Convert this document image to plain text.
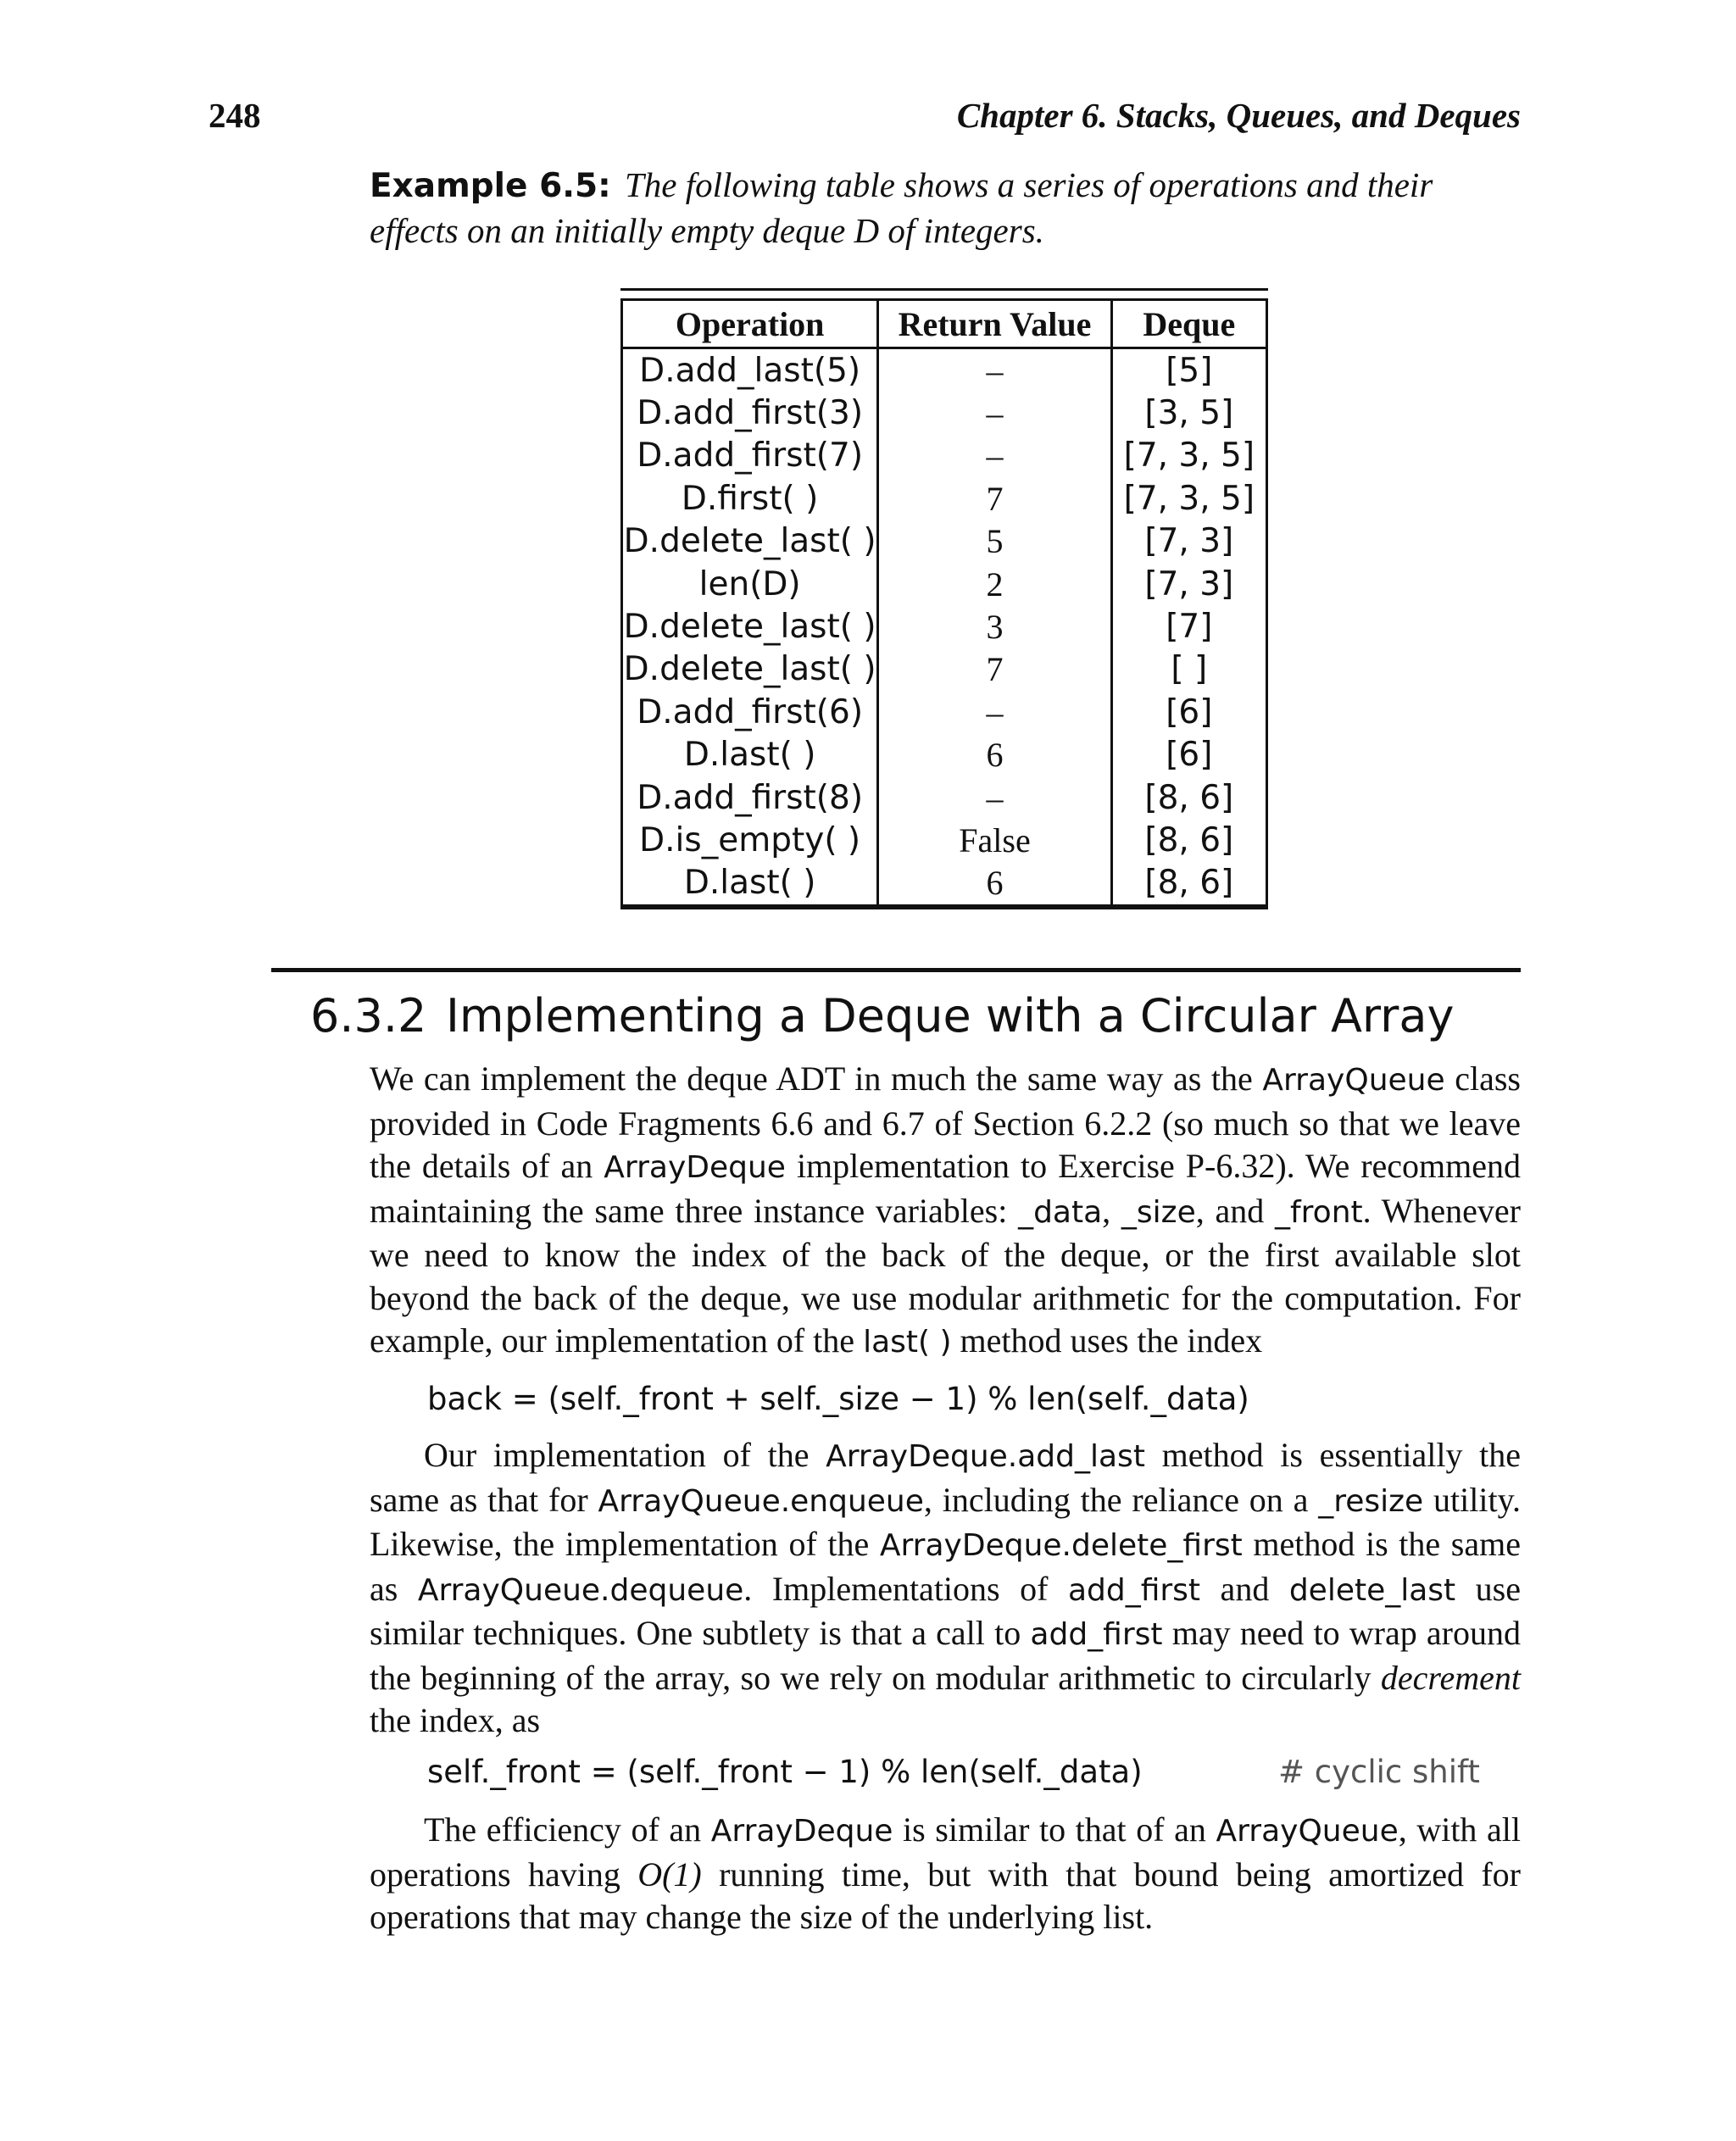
248	Chapter 6. Stacks, Queues, and Deques
Example 6.5: The following table shows a series of operations and their effects on an initially empty deque D of integers.
Operation	Return Value	Deque
D.add_last(5)	–	[5]
D.add_first(3)	–	[3, 5]
D.add_first(7)	–	[7, 3, 5]
D.first( )	7	[7, 3, 5]
D.delete_last( )	5	[7, 3]
len(D)	2	[7, 3]
D.delete_last( )	3	[7]
D.delete_last( )	7	[ ]
D.add_first(6)	–	[6]
D.last( )	6	[6]
D.add_first(8)	–	[8, 6]
D.is_empty( )	False	[8, 6]
D.last( )	6	[8, 6]
6.3.2 Implementing a Deque with a Circular Array
We can implement the deque ADT in much the same way as the ArrayQueue class provided in Code Fragments 6.6 and 6.7 of Section 6.2.2 (so much so that we leave the details of an ArrayDeque implementation to Exercise P-6.32). We recommend maintaining the same three instance variables: _data, _size, and _front. Whenever we need to know the index of the back of the deque, or the first available slot beyond the back of the deque, we use modular arithmetic for the computation. For example, our implementation of the last( ) method uses the index
back = (self._front + self._size − 1) % len(self._data)
Our implementation of the ArrayDeque.add_last method is essentially the same as that for ArrayQueue.enqueue, including the reliance on a _resize utility. Likewise, the implementation of the ArrayDeque.delete_first method is the same as ArrayQueue.dequeue. Implementations of add_first and delete_last use similar techniques. One subtlety is that a call to add_first may need to wrap around the beginning of the array, so we rely on modular arithmetic to circularly decrement the index, as
self._front = (self._front − 1) % len(self._data)	# cyclic shift
The efficiency of an ArrayDeque is similar to that of an ArrayQueue, with all operations having O(1) running time, but with that bound being amortized for operations that may change the size of the underlying list.
